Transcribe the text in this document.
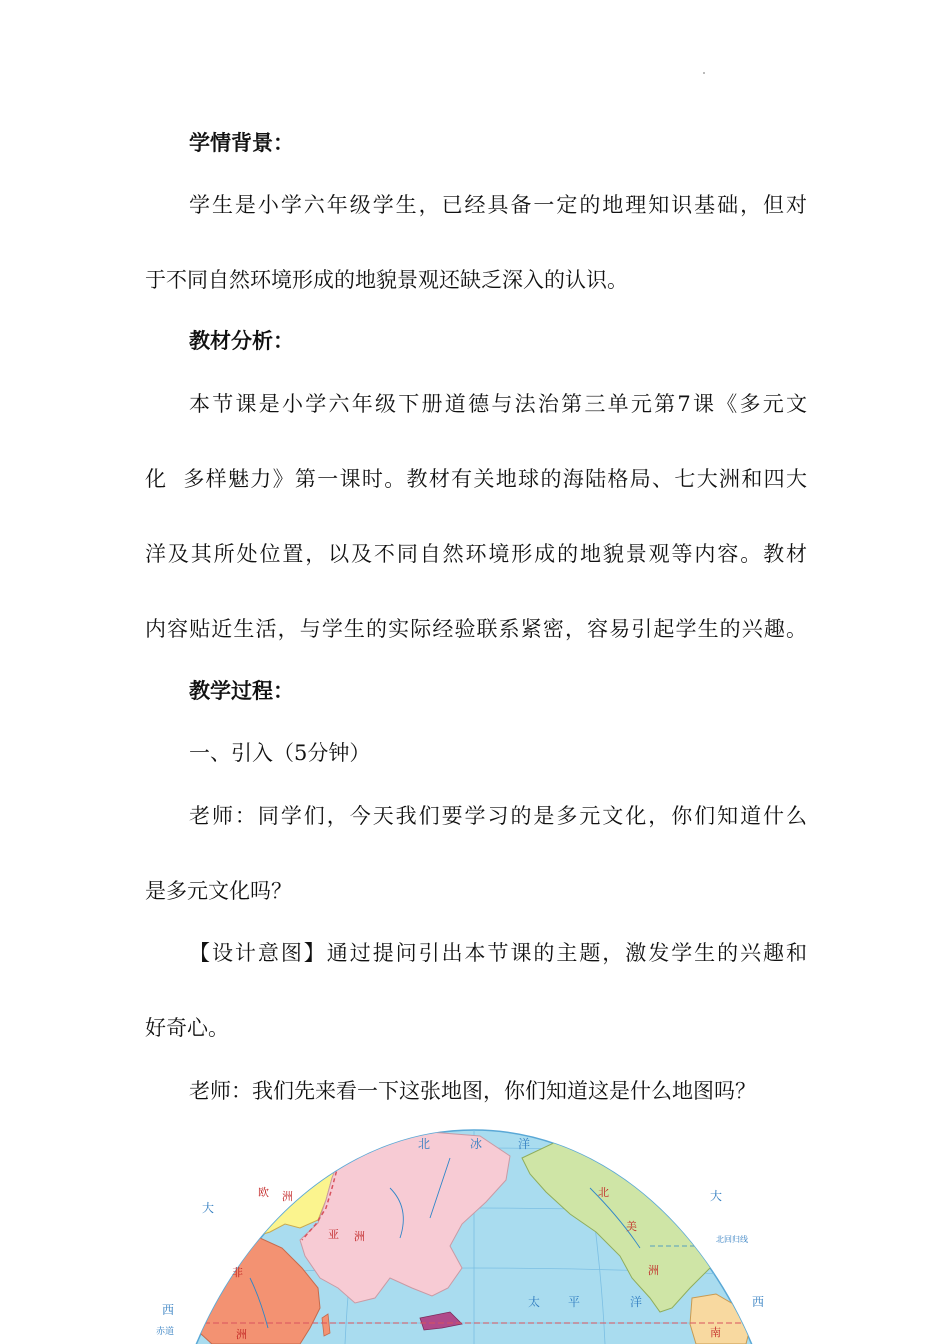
学情背景：
学生是小学六年级学生，已经具备一定的地理知识基础，但对
于不同自然环境形成的地貌景观还缺乏深入的认识。
教材分析：
本节课是小学六年级下册道德与法治第三单元第7课《多元文
化  多样魅力》第一课时。教材有关地球的海陆格局、七大洲和四大
洋及其所处位置，以及不同自然环境形成的地貌景观等内容。教材
内容贴近生活，与学生的实际经验联系紧密，容易引起学生的兴趣。
教学过程：
一、引入（5分钟）
老师：同学们，今天我们要学习的是多元文化，你们知道什么
是多元文化吗？
【设计意图】通过提问引出本节课的主题，激发学生的兴趣和
好奇心。
老师：我们先来看一下这张地图，你们知道这是什么地图吗？
北	冰	洋
大
西
大
西
太 平	洋
欧 洲
亚 洲
非
洲
北
美
洲
南
北回归线
赤道
